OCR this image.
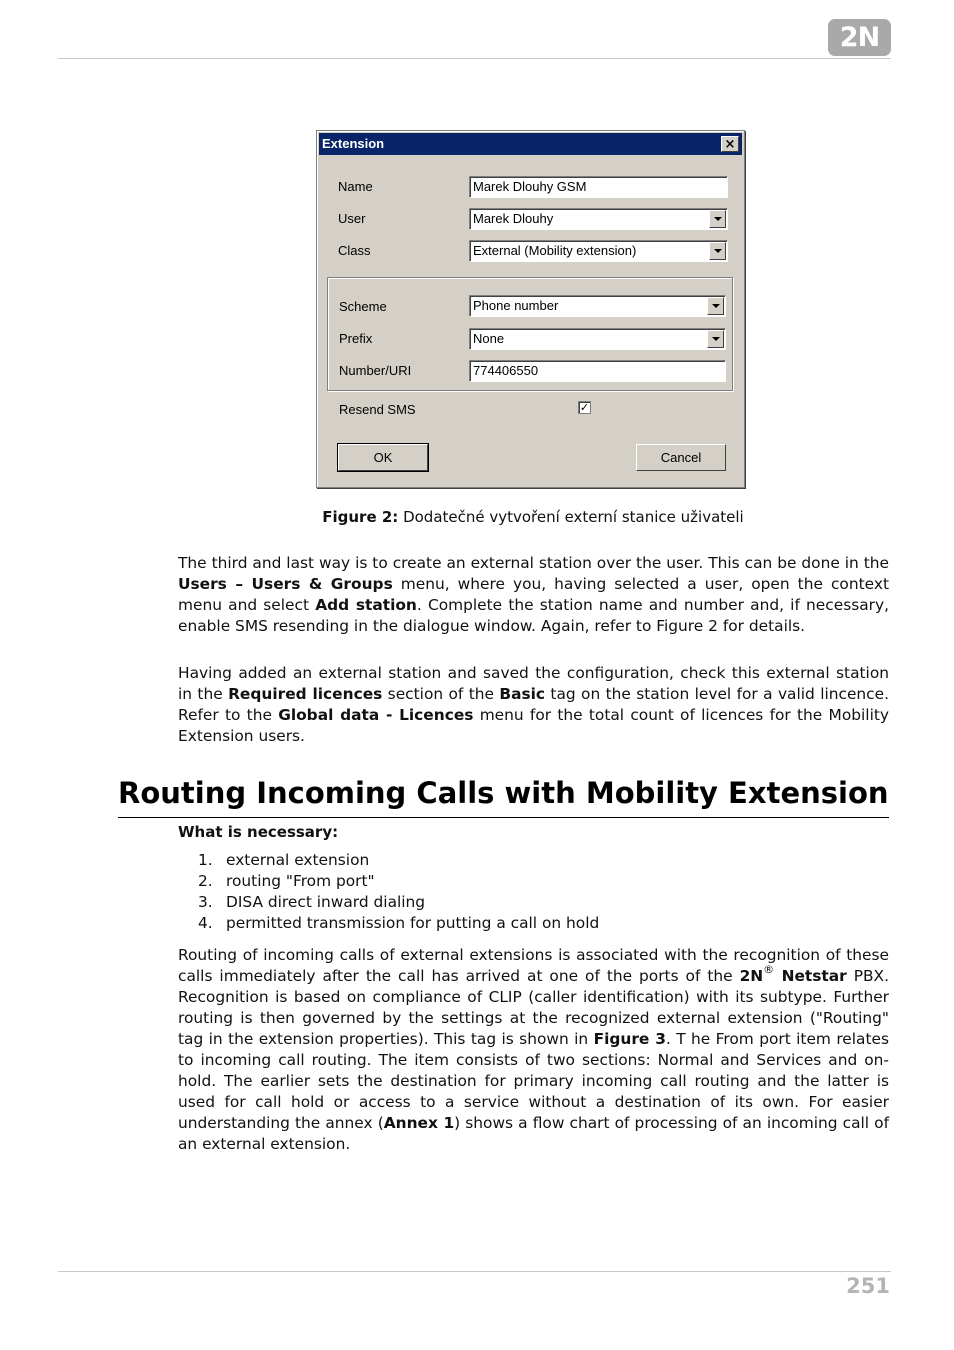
2N
Extension	×
Name	Marek Dlouhy GSM
User	Marek Dlouhy
Class	External (Mobility extension)
Scheme	Phone number
Prefix	None
Number/URI	774406550
Resend SMS	✓
OK	Cancel
Figure 2: Dodatečné vytvoření externí stanice uživateli

The third and last way is to create an external station over the user. This can be done in the Users – Users & Groups menu, where you, having selected a user, open the context menu and select Add station. Complete the station name and number and, if necessary, enable SMS resending in the dialogue window. Again, refer to Figure 2 for details.

Having added an external station and saved the configuration, check this external station in the Required licences section of the Basic tag on the station level for a valid lincence. Refer to the Global data - Licences menu for the total count of licences for the Mobility Extension users.

Routing Incoming Calls with Mobility Extension
What is necessary:
1. external extension
2. routing "From port"
3. DISA direct inward dialing
4. permitted transmission for putting a call on hold

Routing of incoming calls of external extensions is associated with the recognition of these calls immediately after the call has arrived at one of the ports of the 2N® Netstar PBX. Recognition is based on compliance of CLIP (caller identification) with its subtype. Further routing is then governed by the settings at the recognized external extension ("Routing" tag in the extension properties). This tag is shown in Figure 3. T he From port item relates to incoming call routing. The item consists of two sections: Normal and Services and on-hold. The earlier sets the destination for primary incoming call routing and the latter is used for call hold or access to a service without a destination of its own. For easier understanding the annex (Annex 1) shows a flow chart of processing of an incoming call of an external extension.

251
